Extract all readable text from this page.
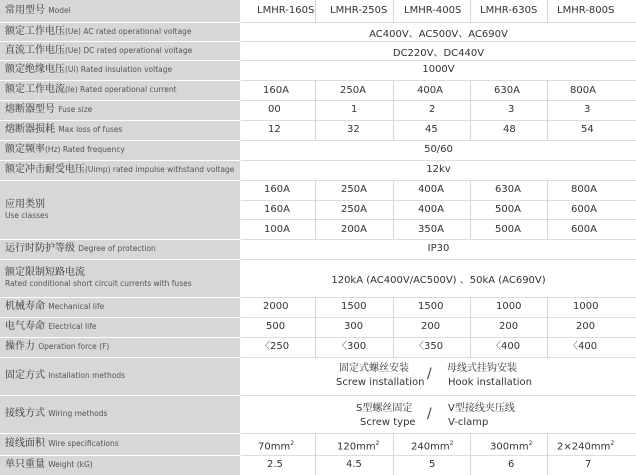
常用型号 Model	LMHR-160S LMHR-250S LMHR-400S LMHR-630S LMHR-800S
额定工作电压(Ue) AC rated operational voltage	AC400V、AC500V、AC690V
直流工作电压(Ue) DC rated operational voltage	DC220V、DC440V
额定绝缘电压(Ui) Rated insulation voltage	1000V
额定工作电流(Ie) Rated operational current	160A	250A	400A	630A	800A
熔断器型号 Fuse size	00	1	2	3	3
熔断器损耗 Max loss of fuses	12	32	45	48	54
额定频率(Hz) Rated frequency	50/60
额定冲击耐受电压(Uimp) rated impulse withstand voltage	12kv
应用类别
Use classes
160A	250A	400A	630A	800A
160A	250A	400A	500A	600A
100A	200A	350A	500A	600A
运行时防护等级 Degree of protection	IP30
额定限制短路电流
Rated conditional short circuit currents with fuses	120kA (AC400V/AC500V) 、50kA (AC690V)
机械寿命 Mechanical life	2000	1500	1500	1000	1000
电气寿命 Electrical life	500	300	200	200	200
操作力 Operation force (F)	〈250	〈300	〈350	〈400	〈400
固定方式 Installation methods
固定式螺丝安装
Screw installation
/ 母线式挂钩安装
Hook installation
接线方式 Wiring methods	S型螺丝固定
Screw type
/ V型接线夹压线
V-clamp
接线面积 Wire specifications	$70mm^2$	$120mm^2$	$240mm^2$	$300mm^2$ $2\times 240mm^2$
单只重量 Weight (kG)	2.5	4.5	5	6	7
